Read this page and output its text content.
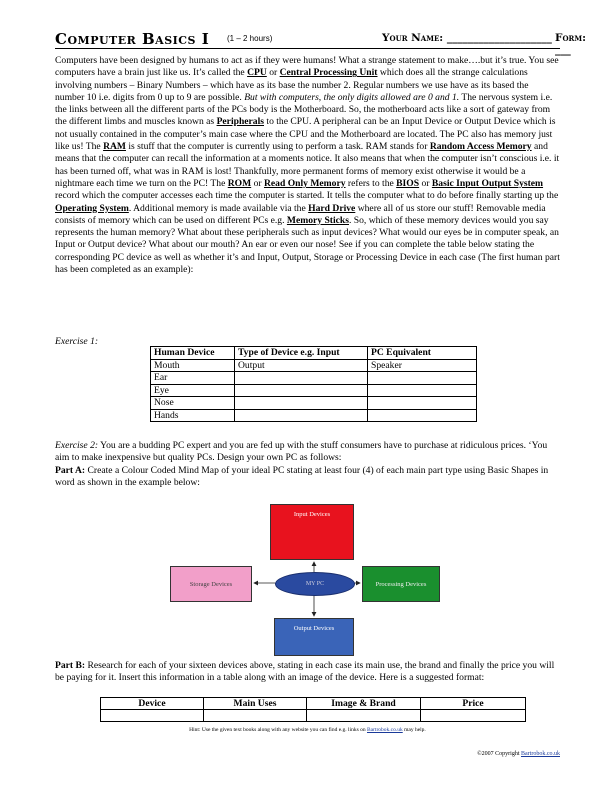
Computer Basics I (1 – 2 hours)	Your Name: ____________________ Form: ___
Computers have been designed by humans to act as if they were humans! What a strange statement to make….but it’s true. You see computers have a brain just like us. It’s called the CPU or Central Processing Unit which does all the strange calculations involving numbers – Binary Numbers – which have as its base the number 2. Regular numbers we use have as its based the number 10 i.e. digits from 0 up to 9 are possible. But with computers, the only digits allowed are 0 and 1. The nervous system i.e. the links between all the different parts of the PCs body is the Motherboard. So, the motherboard acts like a sort of gateway from the different limbs and muscles known as Peripherals to the CPU. A peripheral can be an Input Device or Output Device which is not usually contained in the computer’s main case where the CPU and the Motherboard are located. The PC also has memory just like us! The RAM is stuff that the computer is currently using to perform a task. RAM stands for Random Access Memory and means that the computer can recall the information at a moments notice. It also means that when the computer isn’t conscious i.e. it has been turned off, what was in RAM is lost! Thankfully, more permanent forms of memory exist otherwise it would be a nightmare each time we turn on the PC! The ROM or Read Only Memory refers to the BIOS or Basic Input Output System record which the computer accesses each time the computer is started. It tells the computer what to do before finally starting up the Operating System. Additional memory is made available via the Hard Drive where all of us store our stuff! Removable media consists of memory which can be used on different PCs e.g. Memory Sticks. So, which of these memory devices would you say represents the human memory? What about these peripherals such as input devices? What would our eyes be in computer speak, an Input or Output device? What about our mouth? An ear or even our nose! See if you can complete the table below stating the corresponding PC device as well as whether it’s and Input, Output, Storage or Processing Device in each case (The first human part has been completed as an example):
Exercise 1:
Human Device	Type of Device e.g. Input	PC Equivalent
Mouth	Output	Speaker
Ear		
Eye		
Nose		
Hands		
Exercise 2: You are a budding PC expert and you are fed up with the stuff consumers have to purchase at ridiculous prices. ‘You aim to make inexpensive but quality PCs. Design your own PC as follows:
Part A: Create a Colour Coded Mind Map of your ideal PC stating at least four (4) of each main part type using Basic Shapes in word as shown in the example below:
Input Devices
Storage Devices	MY PC	Processing Devices
Output Devices
Part B: Research for each of your sixteen devices above, stating in each case its main use, the brand and finally the price you will be paying for it. Insert this information in a table along with an image of the device. Here is a suggested format:
Device	Main Uses	Image & Brand	Price

Hint: Use the given text books along with any website you can find e.g. links on Bartrobok.co.uk may help.
©2007 Copyright Bartrobok.co.uk
